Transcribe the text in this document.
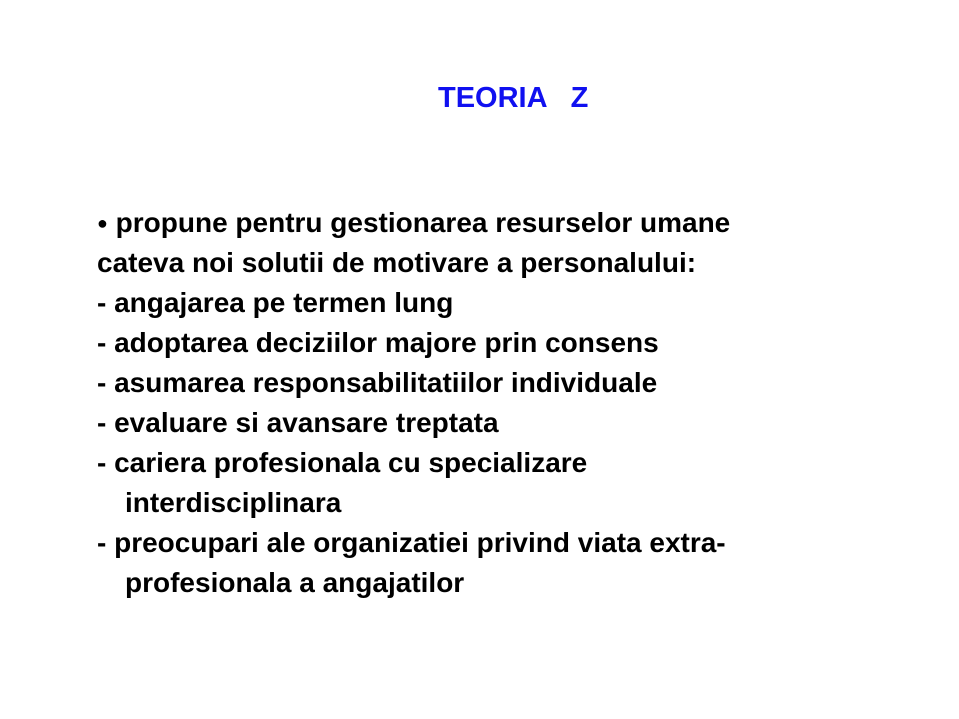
TEORIA   Z
● propune pentru gestionarea resurselor umane
cateva noi solutii de motivare a personalului:
- angajarea pe termen lung
- adoptarea deciziilor majore prin consens
- asumarea responsabilitatiilor individuale
- evaluare si avansare treptata
- cariera profesionala cu specializare
interdisciplinara
- preocupari ale organizatiei privind viata extra-
profesionala a angajatilor
